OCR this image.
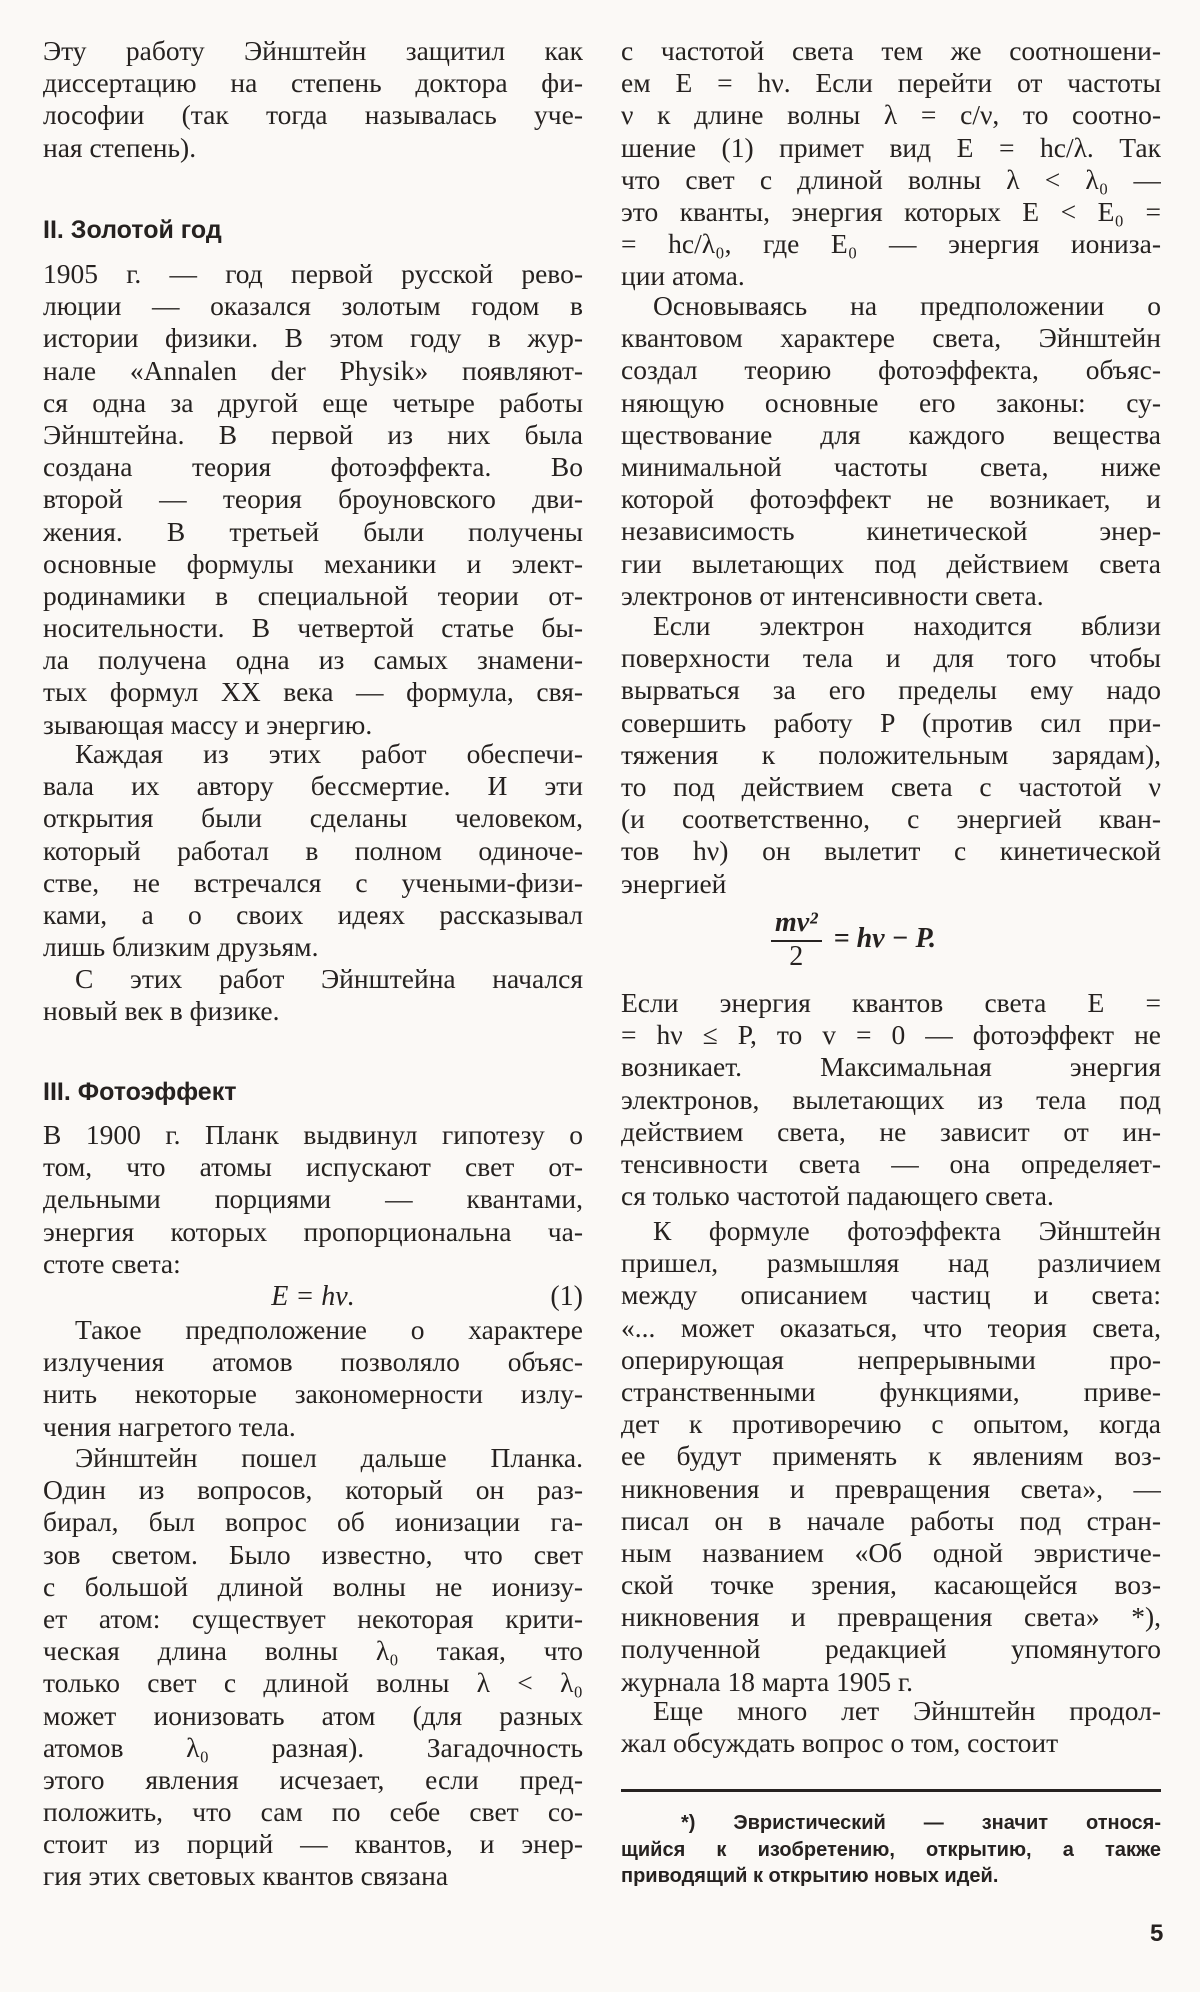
Эту работу Эйнштейн защитил как
диссертацию на степень доктора фи-
лософии (так тогда называлась уче-
ная степень).
II. Золотой год
1905 г. — год первой русской рево-
люции — оказался золотым годом в
истории физики. В этом году в жур-
нале «Annalen der Physik» появляют-
ся одна за другой еще четыре работы
Эйнштейна. В первой из них была
создана теория фотоэффекта. Во
второй — теория броуновского дви-
жения. В третьей были получены
основные формулы механики и элект-
родинамики в специальной теории от-
носительности. В четвертой статье бы-
ла получена одна из самых знамени-
тых формул XX века — формула, свя-
зывающая массу и энергию.
Каждая из этих работ обеспечи-
вала их автору бессмертие. И эти
открытия были сделаны человеком,
который работал в полном одиноче-
стве, не встречался с учеными-физи-
ками, а о своих идеях рассказывал
лишь близким друзьям.
С этих работ Эйнштейна начался
новый век в физике.
III. Фотоэффект
В 1900 г. Планк выдвинул гипотезу о
том, что атомы испускают свет от-
дельными порциями — квантами,
энергия которых пропорциональна ча-
стоте света:
E = hν.	(1)
Такое предположение о характере
излучения атомов позволяло объяс-
нить некоторые закономерности излу-
чения нагретого тела.
Эйнштейн пошел дальше Планка.
Один из вопросов, который он раз-
бирал, был вопрос об ионизации га-
зов светом. Было известно, что свет
с большой длиной волны не ионизу-
ет атом: существует некоторая крити-
ческая длина волны λ₀ такая, что
только свет с длиной волны λ < λ₀
может ионизовать атом (для разных
атомов λ₀ разная). Загадочность
этого явления исчезает, если пред-
положить, что сам по себе свет со-
стоит из порций — квантов, и энер-
гия этих световых квантов связана
с частотой света тем же соотношени-
ем E = hν. Если перейти от частоты
ν к длине волны λ = c/ν, то соотно-
шение (1) примет вид E = hc/λ. Так
что свет с длиной волны λ < λ₀ —
это кванты, энергия которых E < E₀ =
= hc/λ₀, где E₀ — энергия иониза-
ции атома.
Основываясь на предположении о
квантовом характере света, Эйнштейн
создал теорию фотоэффекта, объяс-
няющую основные его законы: су-
ществование для каждого вещества
минимальной частоты света, ниже
которой фотоэффект не возникает, и
независимость кинетической энер-
гии вылетающих под действием света
электронов от интенсивности света.
Если электрон находится вблизи
поверхности тела и для того чтобы
вырваться за его пределы ему надо
совершить работу P (против сил при-
тяжения к положительным зарядам),
то под действием света с частотой ν
(и соответственно, с энергией кван-
тов hν) он вылетит с кинетической
энергией
$\frac{\text{mv²}}{2} = h\nu - P$.
Если энергия квантов света E =
= hν ≤ P, то v = 0 — фотоэффект не
возникает. Максимальная энергия
электронов, вылетающих из тела под
действием света, не зависит от ин-
тенсивности света — она определяет-
ся только частотой падающего света.
К формуле фотоэффекта Эйнштейн
пришел, размышляя над различием
между описанием частиц и света:
«... может оказаться, что теория света,
оперирующая непрерывными про-
странственными функциями, приве-
дет к противоречию с опытом, когда
ее будут применять к явлениям воз-
никновения и превращения света», —
писал он в начале работы под стран-
ным названием «Об одной эвристиче-
ской точке зрения, касающейся воз-
никновения и превращения света» *),
полученной редакцией упомянутого
журнала 18 марта 1905 г.
Еще много лет Эйнштейн продол-
жал обсуждать вопрос о том, состоит
*) Эвристический — значит относя-
щийся к изобретению, открытию, а также
приводящий к открытию новых идей.
5
